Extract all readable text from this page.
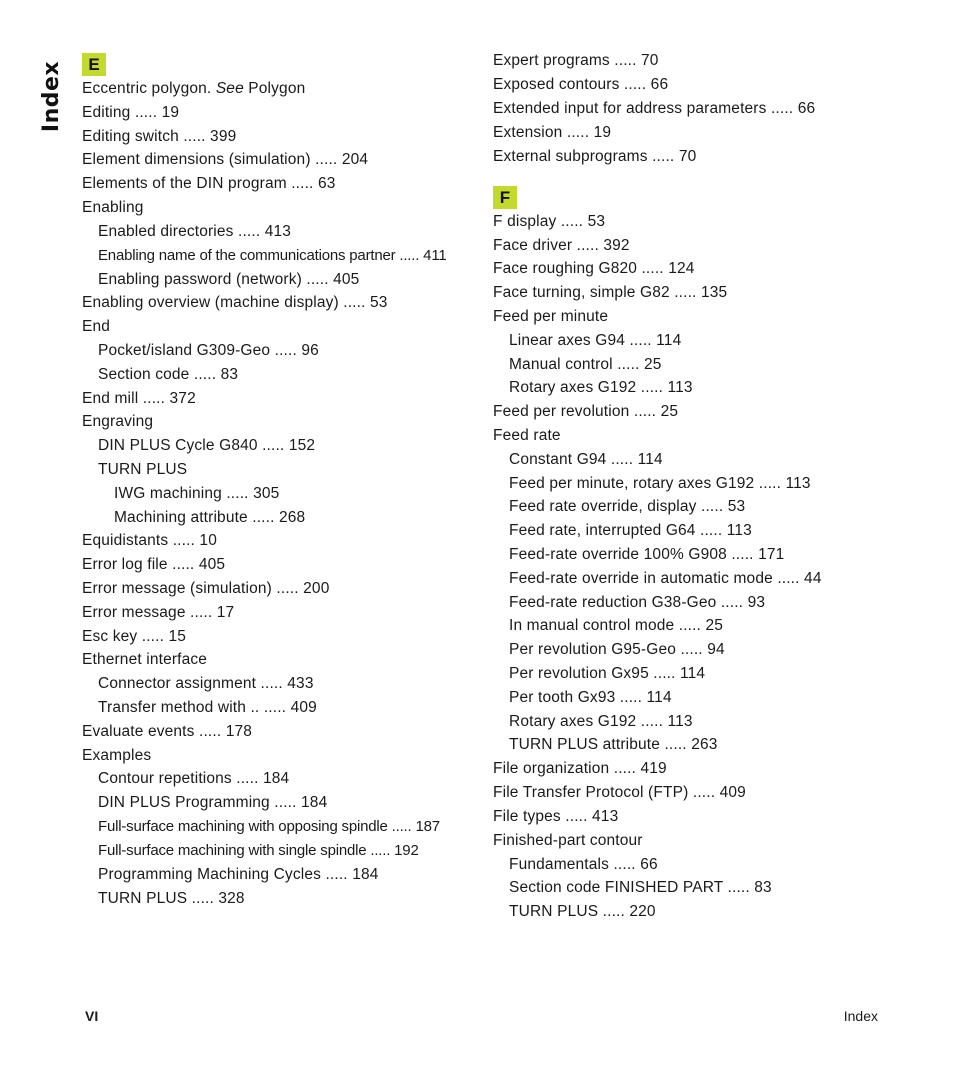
Index	E
Eccentric polygon. See Polygon
Editing ..... 19
Editing switch ..... 399
Element dimensions (simulation) ..... 204
Elements of the DIN program ..... 63
Enabling
Enabled directories ..... 413
Enabling name of the communications partner ..... 411
Enabling password (network) ..... 405
Enabling overview (machine display) ..... 53
End
Pocket/island G309-Geo ..... 96
Section code ..... 83
End mill ..... 372
Engraving
DIN PLUS Cycle G840 ..... 152
TURN PLUS
IWG machining ..... 305
Machining attribute ..... 268
Equidistants ..... 10
Error log file ..... 405
Error message (simulation) ..... 200
Error message ..... 17
Esc key ..... 15
Ethernet interface
Connector assignment ..... 433
Transfer method with .. ..... 409
Evaluate events ..... 178
Examples
Contour repetitions ..... 184
DIN PLUS Programming ..... 184
Full-surface machining with opposing spindle ..... 187
Full-surface machining with single spindle ..... 192
Programming Machining Cycles ..... 184
TURN PLUS ..... 328
Expert programs ..... 70
Exposed contours ..... 66
Extended input for address parameters ..... 66
Extension ..... 19
External subprograms ..... 70
F
F display ..... 53
Face driver ..... 392
Face roughing G820 ..... 124
Face turning, simple G82 ..... 135
Feed per minute
Linear axes G94 ..... 114
Manual control ..... 25
Rotary axes G192 ..... 113
Feed per revolution ..... 25
Feed rate
Constant G94 ..... 114
Feed per minute, rotary axes G192 ..... 113
Feed rate override, display ..... 53
Feed rate, interrupted G64 ..... 113
Feed-rate override 100% G908 ..... 171
Feed-rate override in automatic mode ..... 44
Feed-rate reduction G38-Geo ..... 93
In manual control mode ..... 25
Per revolution G95-Geo ..... 94
Per revolution Gx95 ..... 114
Per tooth Gx93 ..... 114
Rotary axes G192 ..... 113
TURN PLUS attribute ..... 263
File organization ..... 419
File Transfer Protocol (FTP) ..... 409
File types ..... 413
Finished-part contour
Fundamentals ..... 66
Section code FINISHED PART ..... 83
TURN PLUS ..... 220
VI	Index
